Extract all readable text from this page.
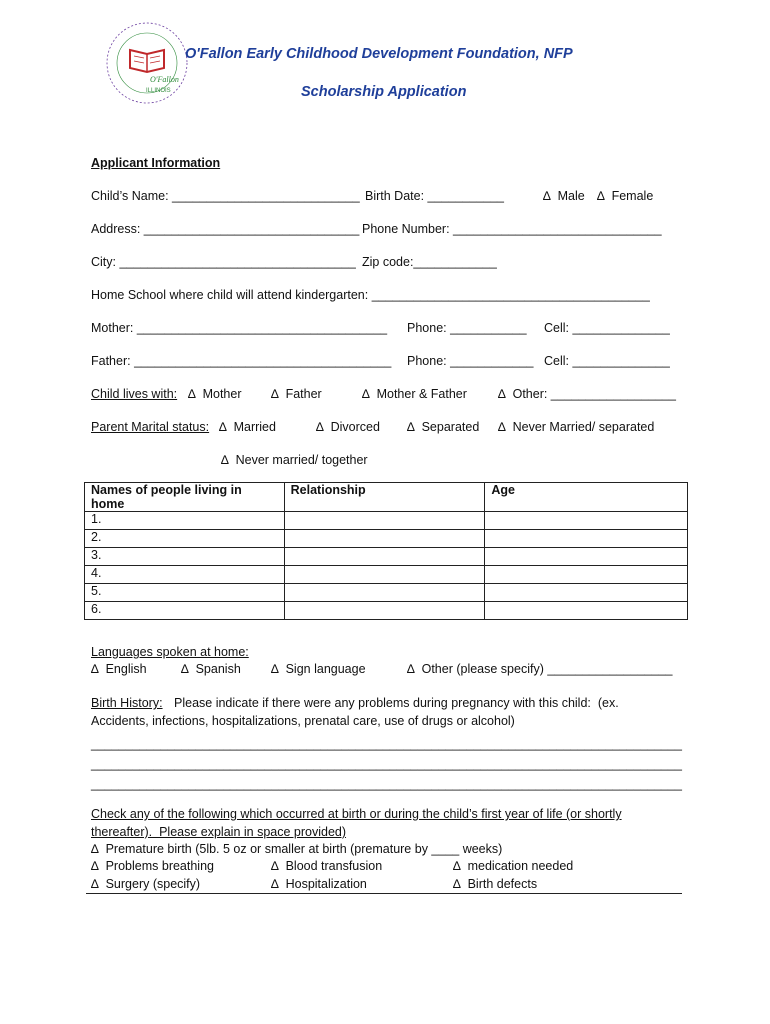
O'Fallon
ILLINOIS
O'Fallon Early Childhood Development Foundation, NFP
Scholarship Application
Applicant Information
Child’s Name: ___________________________ Birth Date: ___________	∆  Male ∆  Female
Address: _______________________________ Phone Number: ______________________________
City: __________________________________ Zip code:____________
Home School where child will attend kindergarten: ________________________________________
Mother: ____________________________________ Phone: ___________ Cell: ______________
Father: _____________________________________ Phone: ____________ Cell: ______________
Child lives with: ∆  Mother ∆  Father	∆  Mother & Father ∆  Other: __________________
Parent Marital status: ∆  Married	∆  Divorced ∆  Separated ∆  Never Married/ separated
∆  Never married/ together
Names of people living in home	Relationship	Age
1.		
2.		
3.		
4.		
5.		
6.		
Languages spoken at home:
∆  English	∆  Spanish ∆  Sign language	∆  Other (please specify) __________________
Birth History: Please indicate if there were any problems during pregnancy with this child:  (ex.
Accidents, infections, hospitalizations, prenatal care, use of drugs or alcohol)
_____________________________________________________________________________________
_____________________________________________________________________________________
_____________________________________________________________________________________
Check any of the following which occurred at birth or during the child’s first year of life (or shortly
thereafter).  Please explain in space provided)
∆  Premature birth (5lb. 5 oz or smaller at birth (premature by ____ weeks)
∆  Problems breathing	∆  Blood transfusion	∆  medication needed
∆  Surgery (specify)	∆  Hospitalization	∆  Birth defects
